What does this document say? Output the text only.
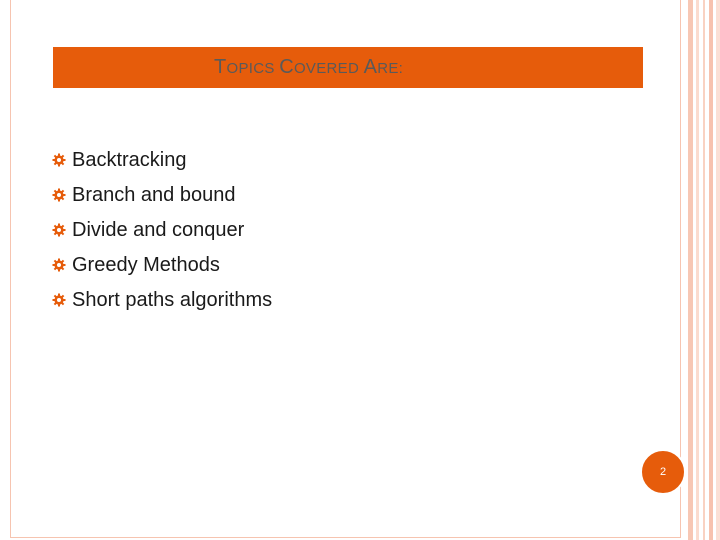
TOPICS COVERED ARE:
Backtracking
Branch and bound
Divide and conquer
Greedy Methods
Short paths algorithms
2
